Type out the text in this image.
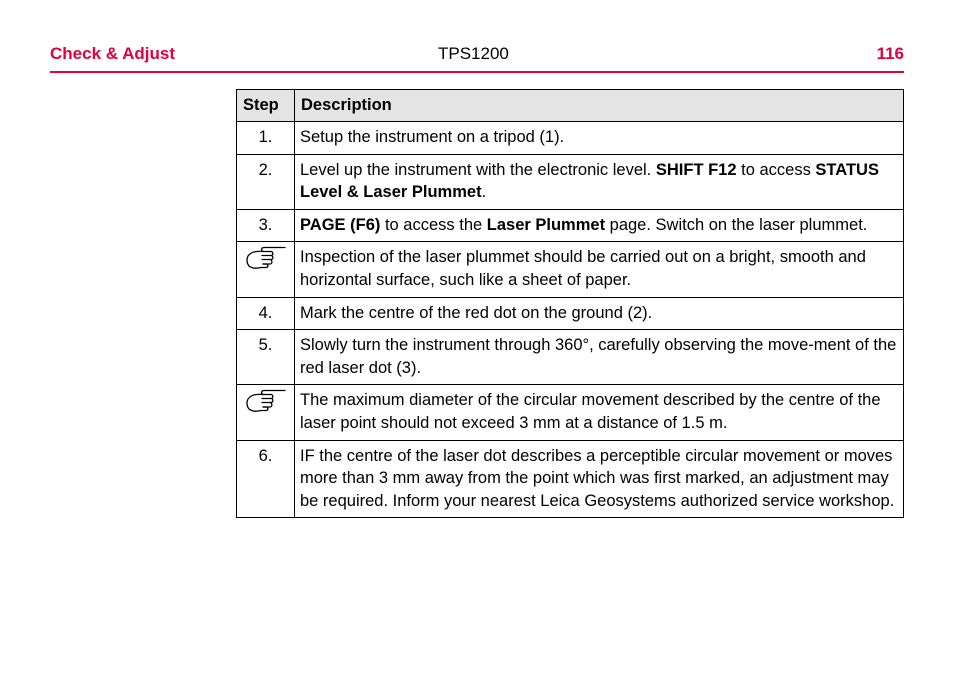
Check & Adjust	TPS1200	116
Step	Description
1.	Setup the instrument on a tripod (1).
2.	Level up the instrument with the electronic level. SHIFT F12 to access STATUS Level & Laser Plummet.
3.	PAGE (F6) to access the Laser Plummet page. Switch on the laser plummet.

	Inspection of the laser plummet should be carried out on a bright, smooth and horizontal surface, such like a sheet of paper.
4.	Mark the centre of the red dot on the ground (2).
5.	Slowly turn the instrument through 360°, carefully observing the move-ment of the red laser dot (3).

	The maximum diameter of the circular movement described by the centre of the laser point should not exceed 3 mm at a distance of 1.5 m.
6.	IF the centre of the laser dot describes a perceptible circular movement or moves more than 3 mm away from the point which was first marked, an adjustment may be required. Inform your nearest Leica Geosystems authorized service workshop.
